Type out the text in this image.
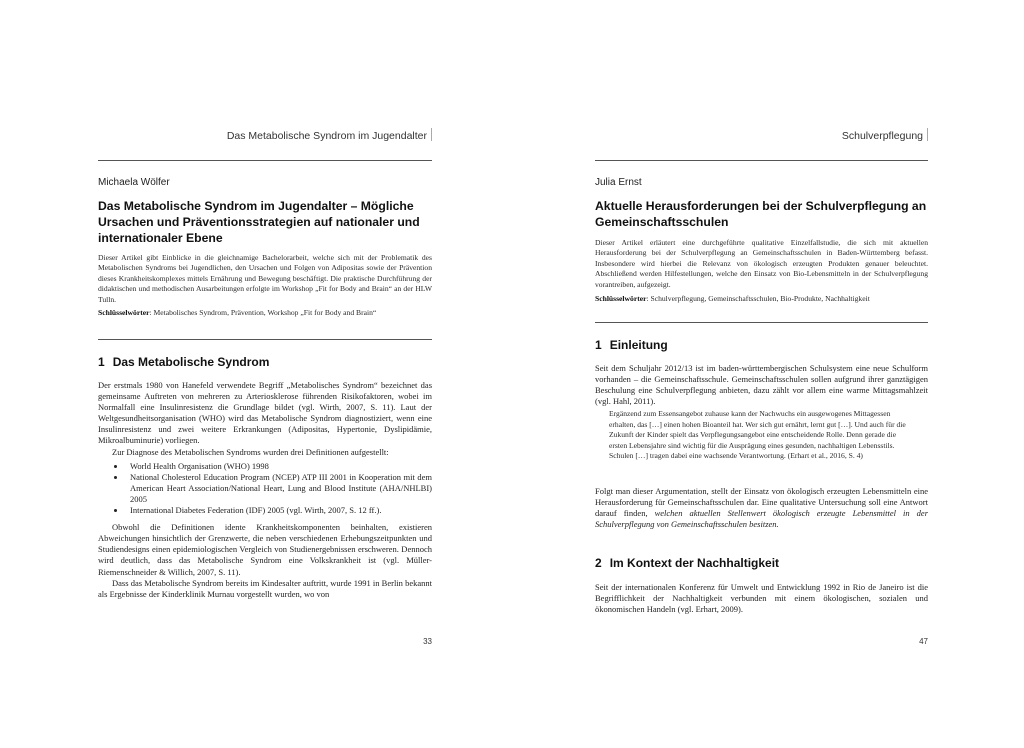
Das Metabolische Syndrom im Jugendalter
Michaela Wölfer
Das Metabolische Syndrom im Jugendalter – Mögliche Ursachen und Präventionsstrategien auf nationaler und internationaler Ebene

Dieser Artikel gibt Einblicke in die gleichnamige Bachelorarbeit, welche sich mit der Problematik des Metabolischen Syndroms bei Jugendlichen, den Ursachen und Folgen von Adipositas sowie der Prävention dieses Krankheitskomplexes mittels Ernährung und Bewegung beschäftigt. Die praktische Durchführung der didaktischen und methodischen Ausarbeitungen erfolgte im Workshop „Fit for Body and Brain“ an der HLW Tulln.

Schlüsselwörter: Metabolisches Syndrom, Prävention, Workshop „Fit for Body and Brain“

1 Das Metabolische Syndrom

Der erstmals 1980 von Hanefeld verwendete Begriff „Metabolisches Syndrom“ bezeichnet das gemeinsame Auftreten von mehreren zu Arteriosklerose führenden Risikofaktoren, wobei im Normalfall eine Insulinresistenz die Grundlage bildet (vgl. Wirth, 2007, S. 11). Laut der Weltgesundheitsorganisation (WHO) wird das Metabolische Syndrom diagnostiziert, wenn eine Insulinresistenz und zwei weitere Erkrankungen (Adipositas, Hypertonie, Dyslipidämie, Mikroalbuminurie) vorliegen.

Zur Diagnose des Metabolischen Syndroms wurden drei Definitionen aufgestellt:

• World Health Organisation (WHO) 1998
• National Cholesterol Education Program (NCEP) ATP III 2001 in Kooperation mit dem American Heart Association/National Heart, Lung and Blood Institute (AHA/NHLBI) 2005
• International Diabetes Federation (IDF) 2005 (vgl. Wirth, 2007, S. 12 ff.).

Obwohl die Definitionen idente Krankheitskomponenten beinhalten, existieren Abweichungen hinsichtlich der Grenzwerte, die neben verschiedenen Erhebungszeitpunkten und Studiendesigns einen epidemiologischen Vergleich von Studienergebnissen erschweren. Dennoch wird deutlich, dass das Metabolische Syndrom eine Volkskrankheit ist (vgl. Müller-Riemenschneider & Willich, 2007, S. 11).

Dass das Metabolische Syndrom bereits im Kindesalter auftritt, wurde 1991 in Berlin bekannt als Ergebnisse der Kinderklinik Murnau vorgestellt wurden, wo von

33
Schulverpflegung
Julia Ernst
Aktuelle Herausforderungen bei der Schulverpflegung an Gemeinschaftsschulen

Dieser Artikel erläutert eine durchgeführte qualitative Einzelfallstudie, die sich mit aktuellen Herausforderung bei der Schulverpflegung an Gemeinschaftsschulen in Baden-Württemberg befasst. Insbesondere wird hierbei die Relevanz von ökologisch erzeugten Produkten genauer beleuchtet. Abschließend werden Hilfestellungen, welche den Einsatz von Bio-Lebensmitteln in der Schulverpflegung vorantreiben, aufgezeigt.

Schlüsselwörter: Schulverpflegung, Gemeinschaftsschulen, Bio-Produkte, Nachhaltigkeit

1 Einleitung

Seit dem Schuljahr 2012/13 ist im baden-württembergischen Schulsystem eine neue Schulform vorhanden – die Gemeinschaftsschule. Gemeinschaftsschulen sollen aufgrund ihrer ganztägigen Beschulung eine Schulverpflegung anbieten, dazu zählt vor allem eine warme Mittagsmahlzeit (vgl. Hahl, 2011).

Ergänzend zum Essensangebot zuhause kann der Nachwuchs ein ausgewogenes Mittagessen erhalten, das […] einen hohen Bioanteil hat. Wer sich gut ernährt, lernt gut […]. Und auch für die Zukunft der Kinder spielt das Verpflegungsangebot eine entscheidende Rolle. Denn gerade die ersten Lebensjahre sind wichtig für die Ausprägung eines gesunden, nachhaltigen Lebensstils. Schulen […] tragen dabei eine wachsende Verantwortung. (Erhart et al., 2016, S. 4)

Folgt man dieser Argumentation, stellt der Einsatz von ökologisch erzeugten Lebensmitteln eine Herausforderung für Gemeinschaftsschulen dar. Eine qualitative Untersuchung soll eine Antwort darauf finden, welchen aktuellen Stellenwert ökologisch erzeugte Lebensmittel in der Schulverpflegung von Gemeinschaftsschulen besitzen.

2 Im Kontext der Nachhaltigkeit

Seit der internationalen Konferenz für Umwelt und Entwicklung 1992 in Rio de Janeiro ist die Begrifflichkeit der Nachhaltigkeit verbunden mit einem ökologischen, sozialen und ökonomischen Handeln (vgl. Erhart, 2009).

47
